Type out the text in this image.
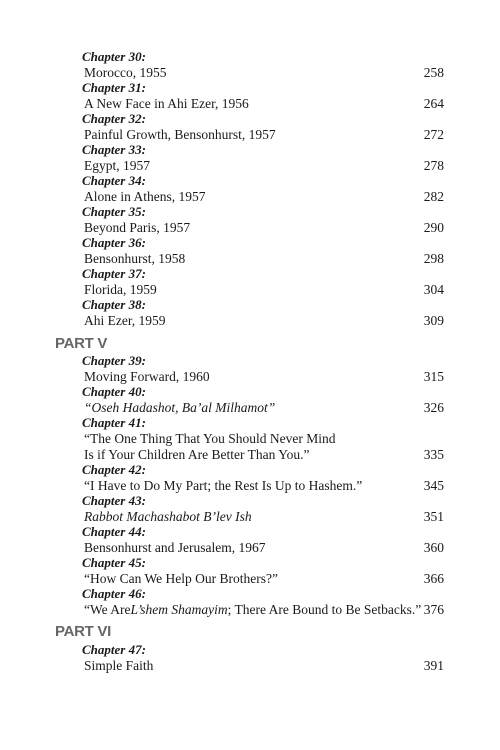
Chapter 30:
Morocco, 1955	258
Chapter 31:
A New Face in Ahi Ezer, 1956	264
Chapter 32:
Painful Growth, Bensonhurst, 1957	272
Chapter 33:
Egypt, 1957	278
Chapter 34:
Alone in Athens, 1957	282
Chapter 35:
Beyond Paris, 1957	290
Chapter 36:
Bensonhurst, 1958	298
Chapter 37:
Florida, 1959	304
Chapter 38:
Ahi Ezer, 1959	309
Chapter 39:
Moving Forward, 1960	315
Chapter 40:
“Oseh Hadashot, Ba’al Milhamot”	326
Chapter 41:
“The One Thing That You Should Never Mind
Is if Your Children Are Better Than You.”	335
Chapter 42:
“I Have to Do My Part; the Rest Is Up to Hashem.”	345
Chapter 43:
Rabbot Machashabot B’lev Ish	351
Chapter 44:
Bensonhurst and Jerusalem, 1967	360
Chapter 45:
“How Can We Help Our Brothers?”	366
Chapter 46:
“We AreL’shem Shamayim; There Are Bound to Be Setbacks.” 376
Chapter 47:
Simple Faith	391
PART V
PART VI
